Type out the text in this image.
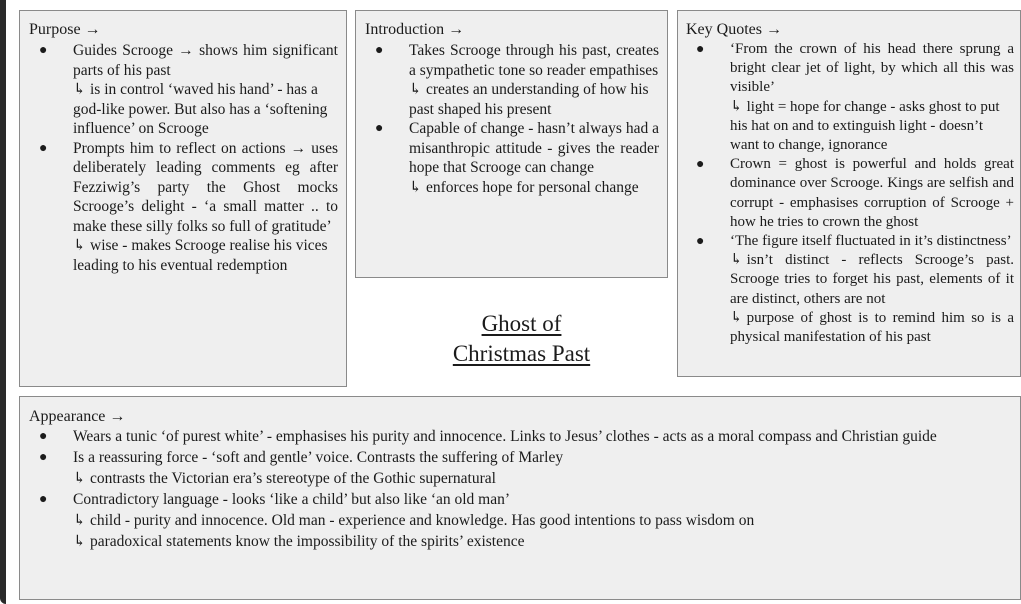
Purpose →
● Guides Scrooge → shows him significant parts of his past
↳ is in control ‘waved his hand’ - has a god-like power. But also has a ‘softening influence’ on Scrooge
● Prompts him to reflect on actions → uses deliberately leading comments eg after Fezziwig’s party the Ghost mocks Scrooge’s delight - ‘a small matter .. to make these silly folks so full of gratitude’
↳ wise - makes Scrooge realise his vices leading to his eventual redemption
Introduction →
● Takes Scrooge through his past, creates a sympathetic tone so reader empathises
↳ creates an understanding of how his past shaped his present
● Capable of change - hasn’t always had a misanthropic attitude - gives the reader hope that Scrooge can change
↳ enforces hope for personal change
Key Quotes →
● ‘From the crown of his head there sprung a bright clear jet of light, by which all this was visible’
↳ light = hope for change - asks ghost to put his hat on and to extinguish light - doesn’t want to change, ignorance
● Crown = ghost is powerful and holds great dominance over Scrooge. Kings are selfish and corrupt - emphasises corruption of Scrooge + how he tries to crown the ghost
● ‘The figure itself fluctuated in it’s distinctness’
↳ isn’t distinct - reflects Scrooge’s past. Scrooge tries to forget his past, elements of it are distinct, others are not
↳ purpose of ghost is to remind him so is a physical manifestation of his past
Ghost of
Christmas Past
Appearance →
● Wears a tunic ‘of purest white’ - emphasises his purity and innocence. Links to Jesus’ clothes - acts as a moral compass and Christian guide
● Is a reassuring force - ‘soft and gentle’ voice. Contrasts the suffering of Marley
↳ contrasts the Victorian era’s stereotype of the Gothic supernatural
● Contradictory language - looks ‘like a child’ but also like ‘an old man’
↳ child - purity and innocence. Old man - experience and knowledge. Has good intentions to pass wisdom on
↳ paradoxical statements know the impossibility of the spirits’ existence
